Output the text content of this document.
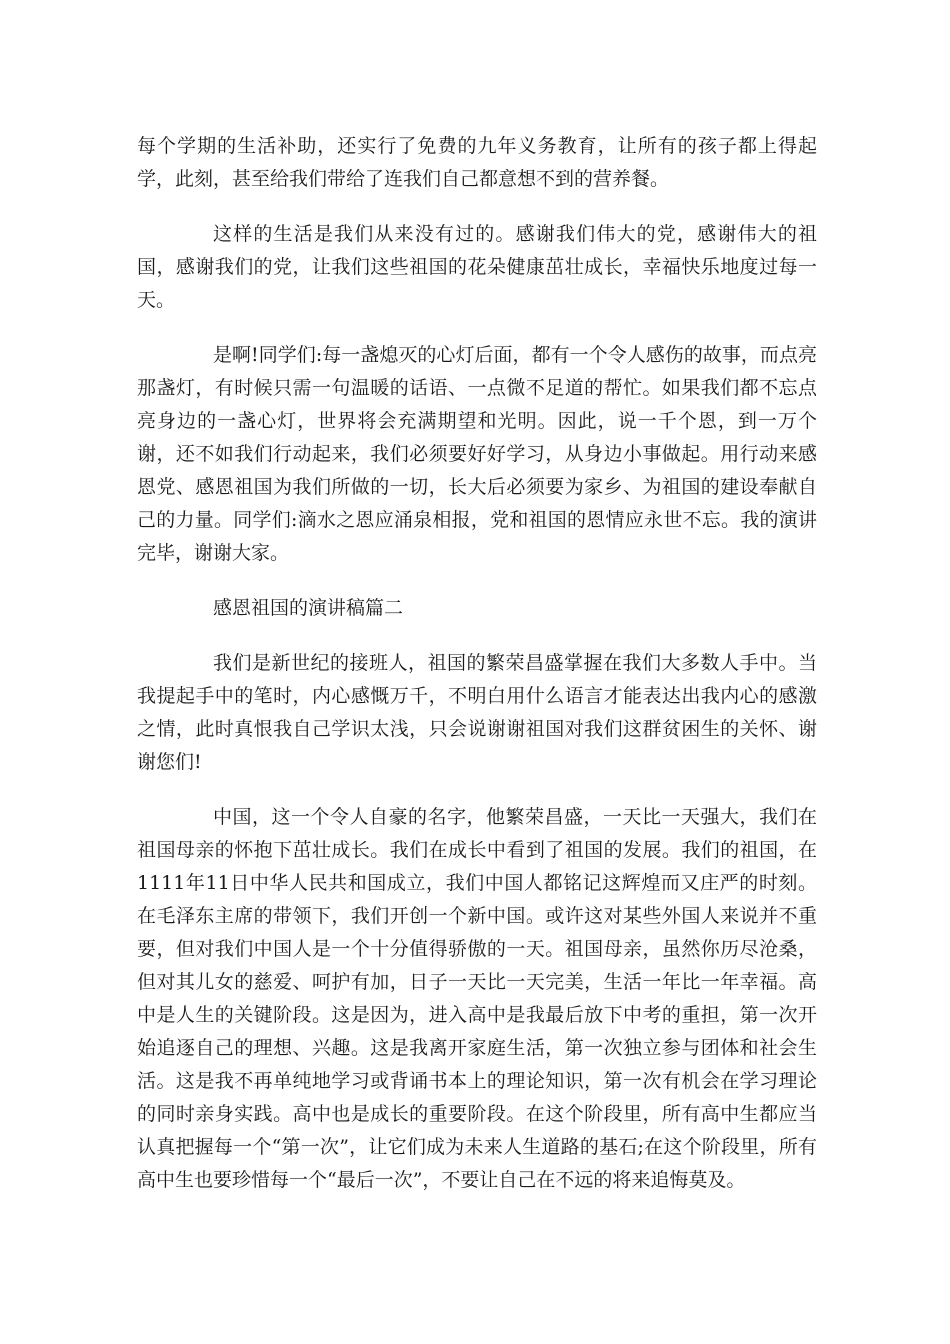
每个学期的生活补助，还实行了免费的九年义务教育，让所有的孩子都上得起学，此刻，甚至给我们带给了连我们自己都意想不到的营养餐。

这样的生活是我们从来没有过的。感谢我们伟大的党，感谢伟大的祖国，感谢我们的党，让我们这些祖国的花朵健康茁壮成长，幸福快乐地度过每一天。

是啊!同学们:每一盏熄灭的心灯后面，都有一个令人感伤的故事，而点亮那盏灯，有时候只需一句温暖的话语、一点微不足道的帮忙。如果我们都不忘点亮身边的一盏心灯，世界将会充满期望和光明。因此，说一千个恩，到一万个谢，还不如我们行动起来，我们必须要好好学习，从身边小事做起。用行动来感恩党、感恩祖国为我们所做的一切，长大后必须要为家乡、为祖国的建设奉献自己的力量。同学们:滴水之恩应涌泉相报，党和祖国的恩情应永世不忘。我的演讲完毕，谢谢大家。

感恩祖国的演讲稿篇二

我们是新世纪的接班人，祖国的繁荣昌盛掌握在我们大多数人手中。当我提起手中的笔时，内心感慨万千，不明白用什么语言才能表达出我内心的感激之情，此时真恨我自己学识太浅，只会说谢谢祖国对我们这群贫困生的关怀、谢谢您们!

中国，这一个令人自豪的名字，他繁荣昌盛，一天比一天强大，我们在祖国母亲的怀抱下茁壮成长。我们在成长中看到了祖国的发展。我们的祖国，在1111年11日中华人民共和国成立，我们中国人都铭记这辉煌而又庄严的时刻。在毛泽东主席的带领下，我们开创一个新中国。或许这对某些外国人来说并不重要，但对我们中国人是一个十分值得骄傲的一天。祖国母亲，虽然你历尽沧桑，但对其儿女的慈爱、呵护有加，日子一天比一天完美，生活一年比一年幸福。高中是人生的关键阶段。这是因为，进入高中是我最后放下中考的重担，第一次开始追逐自己的理想、兴趣。这是我离开家庭生活，第一次独立参与团体和社会生活。这是我不再单纯地学习或背诵书本上的理论知识，第一次有机会在学习理论的同时亲身实践。高中也是成长的重要阶段。在这个阶段里，所有高中生都应当认真把握每一个“第一次”，让它们成为未来人生道路的基石;在这个阶段里，所有高中生也要珍惜每一个“最后一次”，不要让自己在不远的将来追悔莫及。
